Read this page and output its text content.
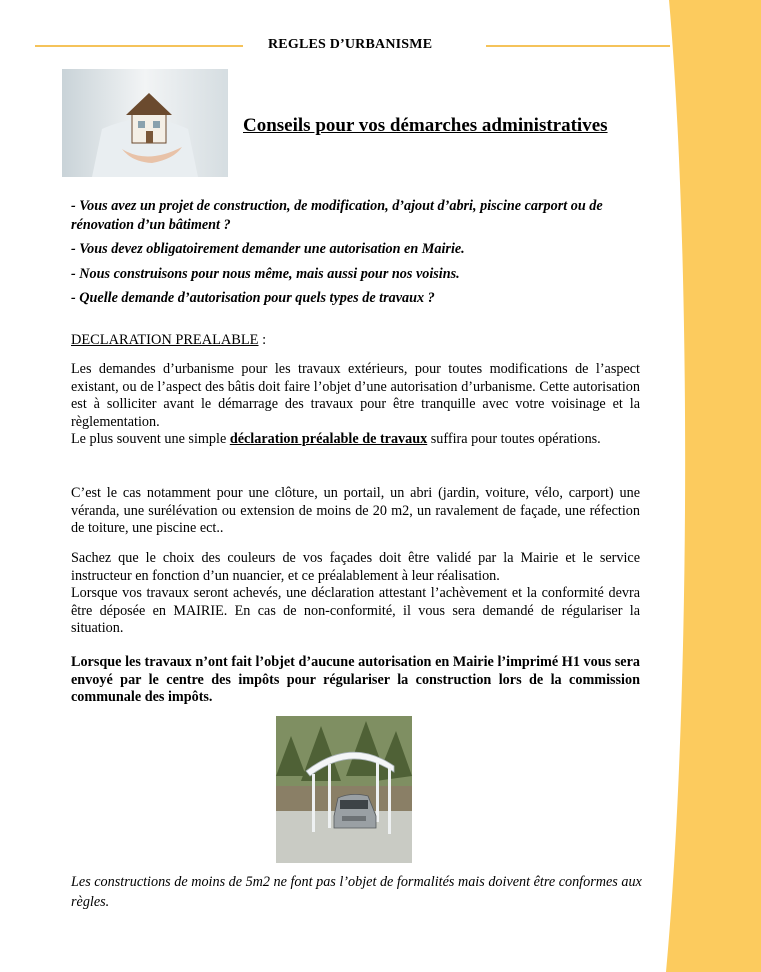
REGLES D’URBANISME
Conseils pour vos démarches administratives

- Vous avez un projet de construction, de modification, d’ajout d’abri, piscine carport ou de rénovation d’un bâtiment ?

- Vous devez obligatoirement demander une autorisation en Mairie.

- Nous construisons pour nous même, mais aussi pour nos voisins.

- Quelle demande d’autorisation pour quels types de travaux ?

DECLARATION PREALABLE :

Les demandes d’urbanisme pour les travaux extérieurs, pour toutes modifications de l’aspect existant, ou de l’aspect des bâtis doit faire l’objet d’une autorisation d’urbanisme. Cette autorisation est à solliciter avant le démarrage des travaux pour être tranquille avec votre voisinage et la règlementation.

Le plus souvent une simple déclaration préalable de travaux suffira pour toutes opérations.

C’est le cas notamment pour une clôture, un portail, un abri (jardin, voiture, vélo, carport) une véranda, une surélévation ou extension de moins de 20 m2, un ravalement de façade, une réfection de toiture, une piscine ect..

Sachez que le choix des couleurs de vos façades doit être validé par la Mairie et le service instructeur en fonction d’un nuancier, et ce préalablement à leur réalisation.

Lorsque vos travaux seront achevés, une déclaration attestant l’achèvement et la conformité devra être déposée en MAIRIE. En cas de non-conformité, il vous sera demandé de régulariser la situation.

Lorsque les travaux n’ont fait l’objet d’aucune autorisation en Mairie l’imprimé H1 vous sera envoyé par le centre des impôts pour régulariser la construction lors de la commission communale des impôts.
Les constructions de moins de 5m2 ne font pas l’objet de formalités mais doivent être conformes aux règles.
